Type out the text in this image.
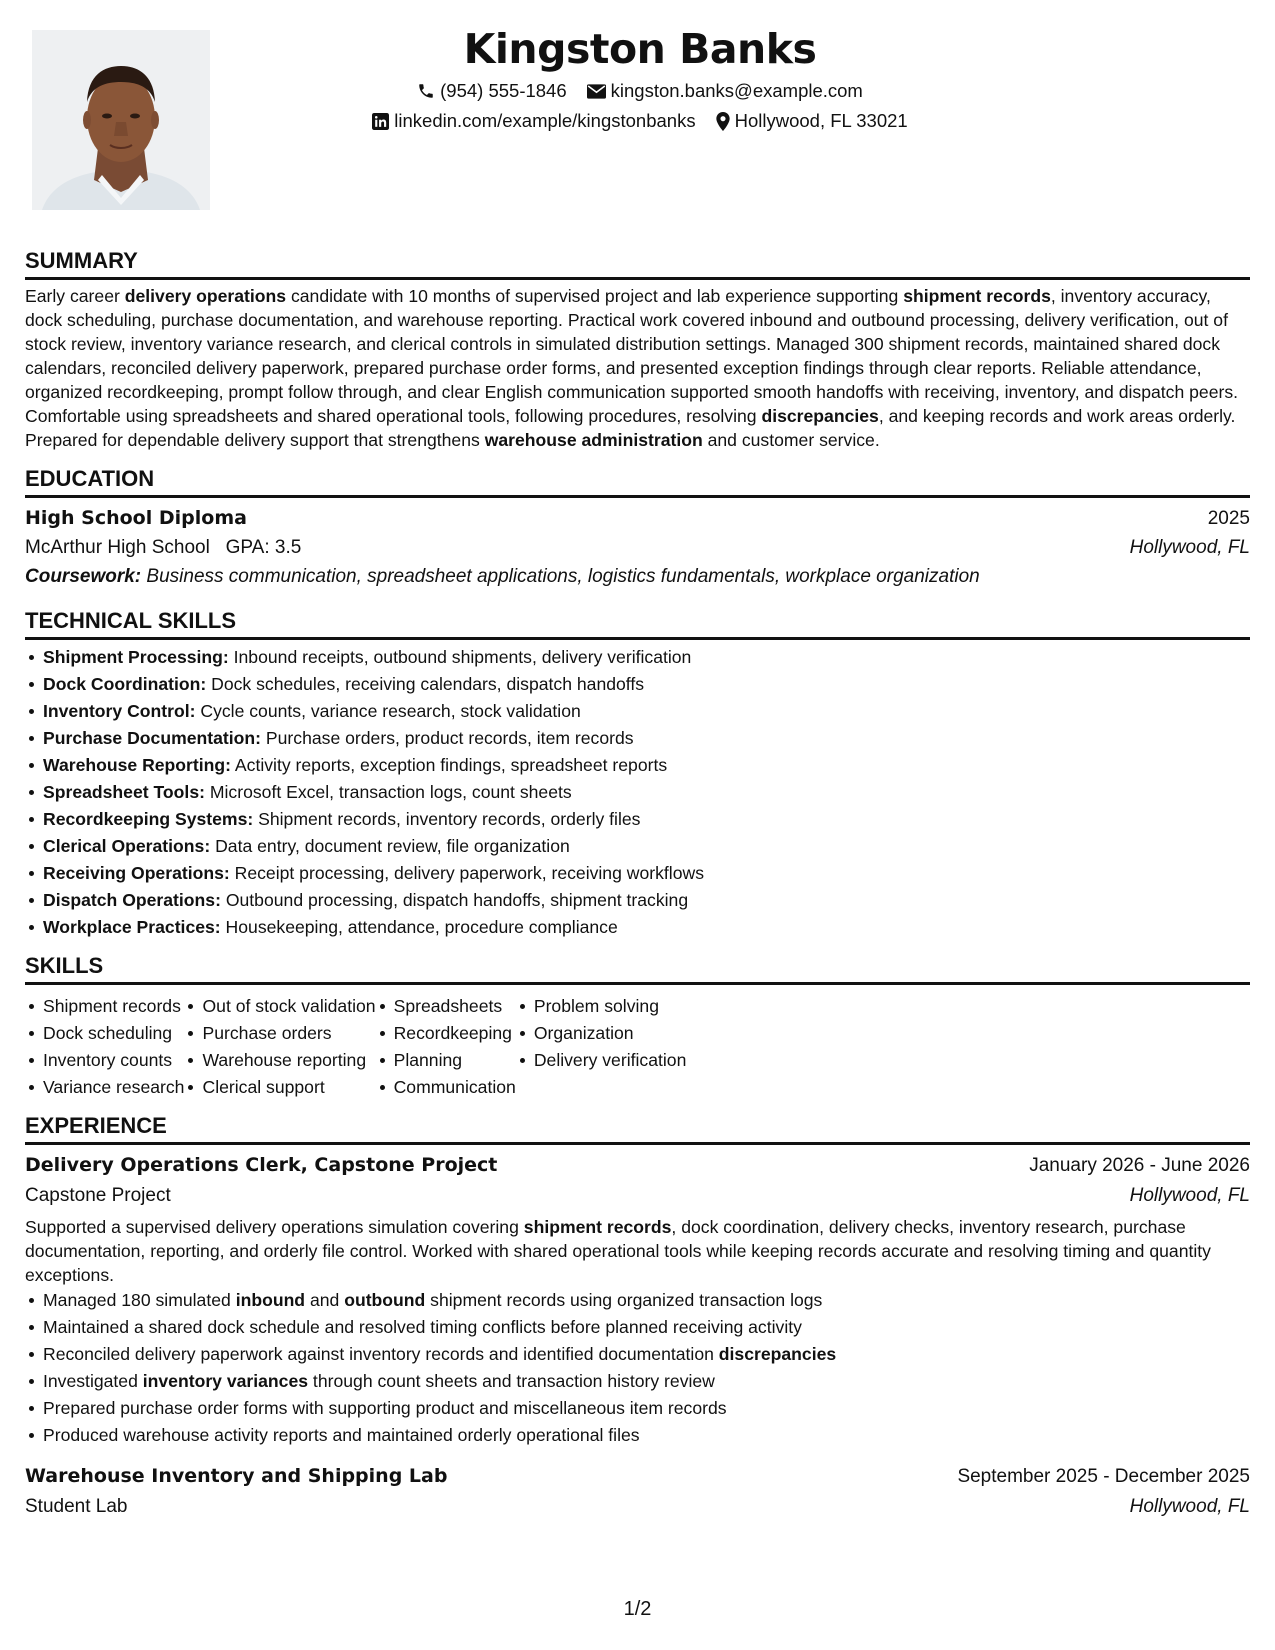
Kingston Banks
(954) 555-1846 kingston.banks@example.com
linkedin.com/example/kingstonbanks Hollywood, FL 33021
SUMMARY
Early career delivery operations candidate with 10 months of supervised project and lab experience supporting shipment records, inventory accuracy, dock scheduling, purchase documentation, and warehouse reporting. Practical work covered inbound and outbound processing, delivery verification, out of stock review, inventory variance research, and clerical controls in simulated distribution settings. Managed 300 shipment records, maintained shared dock calendars, reconciled delivery paperwork, prepared purchase order forms, and presented exception findings through clear reports. Reliable attendance, organized recordkeeping, prompt follow through, and clear English communication supported smooth handoffs with receiving, inventory, and dispatch peers. Comfortable using spreadsheets and shared operational tools, following procedures, resolving discrepancies, and keeping records and work areas orderly. Prepared for dependable delivery support that strengthens warehouse administration and customer service.
EDUCATION
High School Diploma	2025
McArthur High School GPA: 3.5	Hollywood, FL
Coursework: Business communication, spreadsheet applications, logistics fundamentals, workplace organization
TECHNICAL SKILLS
Shipment Processing: Inbound receipts, outbound shipments, delivery verification
Dock Coordination: Dock schedules, receiving calendars, dispatch handoffs
Inventory Control: Cycle counts, variance research, stock validation
Purchase Documentation: Purchase orders, product records, item records
Warehouse Reporting: Activity reports, exception findings, spreadsheet reports
Spreadsheet Tools: Microsoft Excel, transaction logs, count sheets
Recordkeeping Systems: Shipment records, inventory records, orderly files
Clerical Operations: Data entry, document review, file organization
Receiving Operations: Receipt processing, delivery paperwork, receiving workflows
Dispatch Operations: Outbound processing, dispatch handoffs, shipment tracking
Workplace Practices: Housekeeping, attendance, procedure compliance
SKILLS
Shipment records
Dock scheduling
Inventory counts
Variance research
Out of stock validation
Purchase orders
Warehouse reporting
Clerical support
Spreadsheets
Recordkeeping
Planning
Communication
Problem solving
Organization
Delivery verification
EXPERIENCE
Delivery Operations Clerk, Capstone Project	January 2026 - June 2026
Capstone Project	Hollywood, FL
Supported a supervised delivery operations simulation covering shipment records, dock coordination, delivery checks, inventory research, purchase documentation, reporting, and orderly file control. Worked with shared operational tools while keeping records accurate and resolving timing and quantity exceptions.
Managed 180 simulated inbound and outbound shipment records using organized transaction logs
Maintained a shared dock schedule and resolved timing conflicts before planned receiving activity
Reconciled delivery paperwork against inventory records and identified documentation discrepancies
Investigated inventory variances through count sheets and transaction history review
Prepared purchase order forms with supporting product and miscellaneous item records
Produced warehouse activity reports and maintained orderly operational files
Warehouse Inventory and Shipping Lab	September 2025 - December 2025
Student Lab	Hollywood, FL
1/2
